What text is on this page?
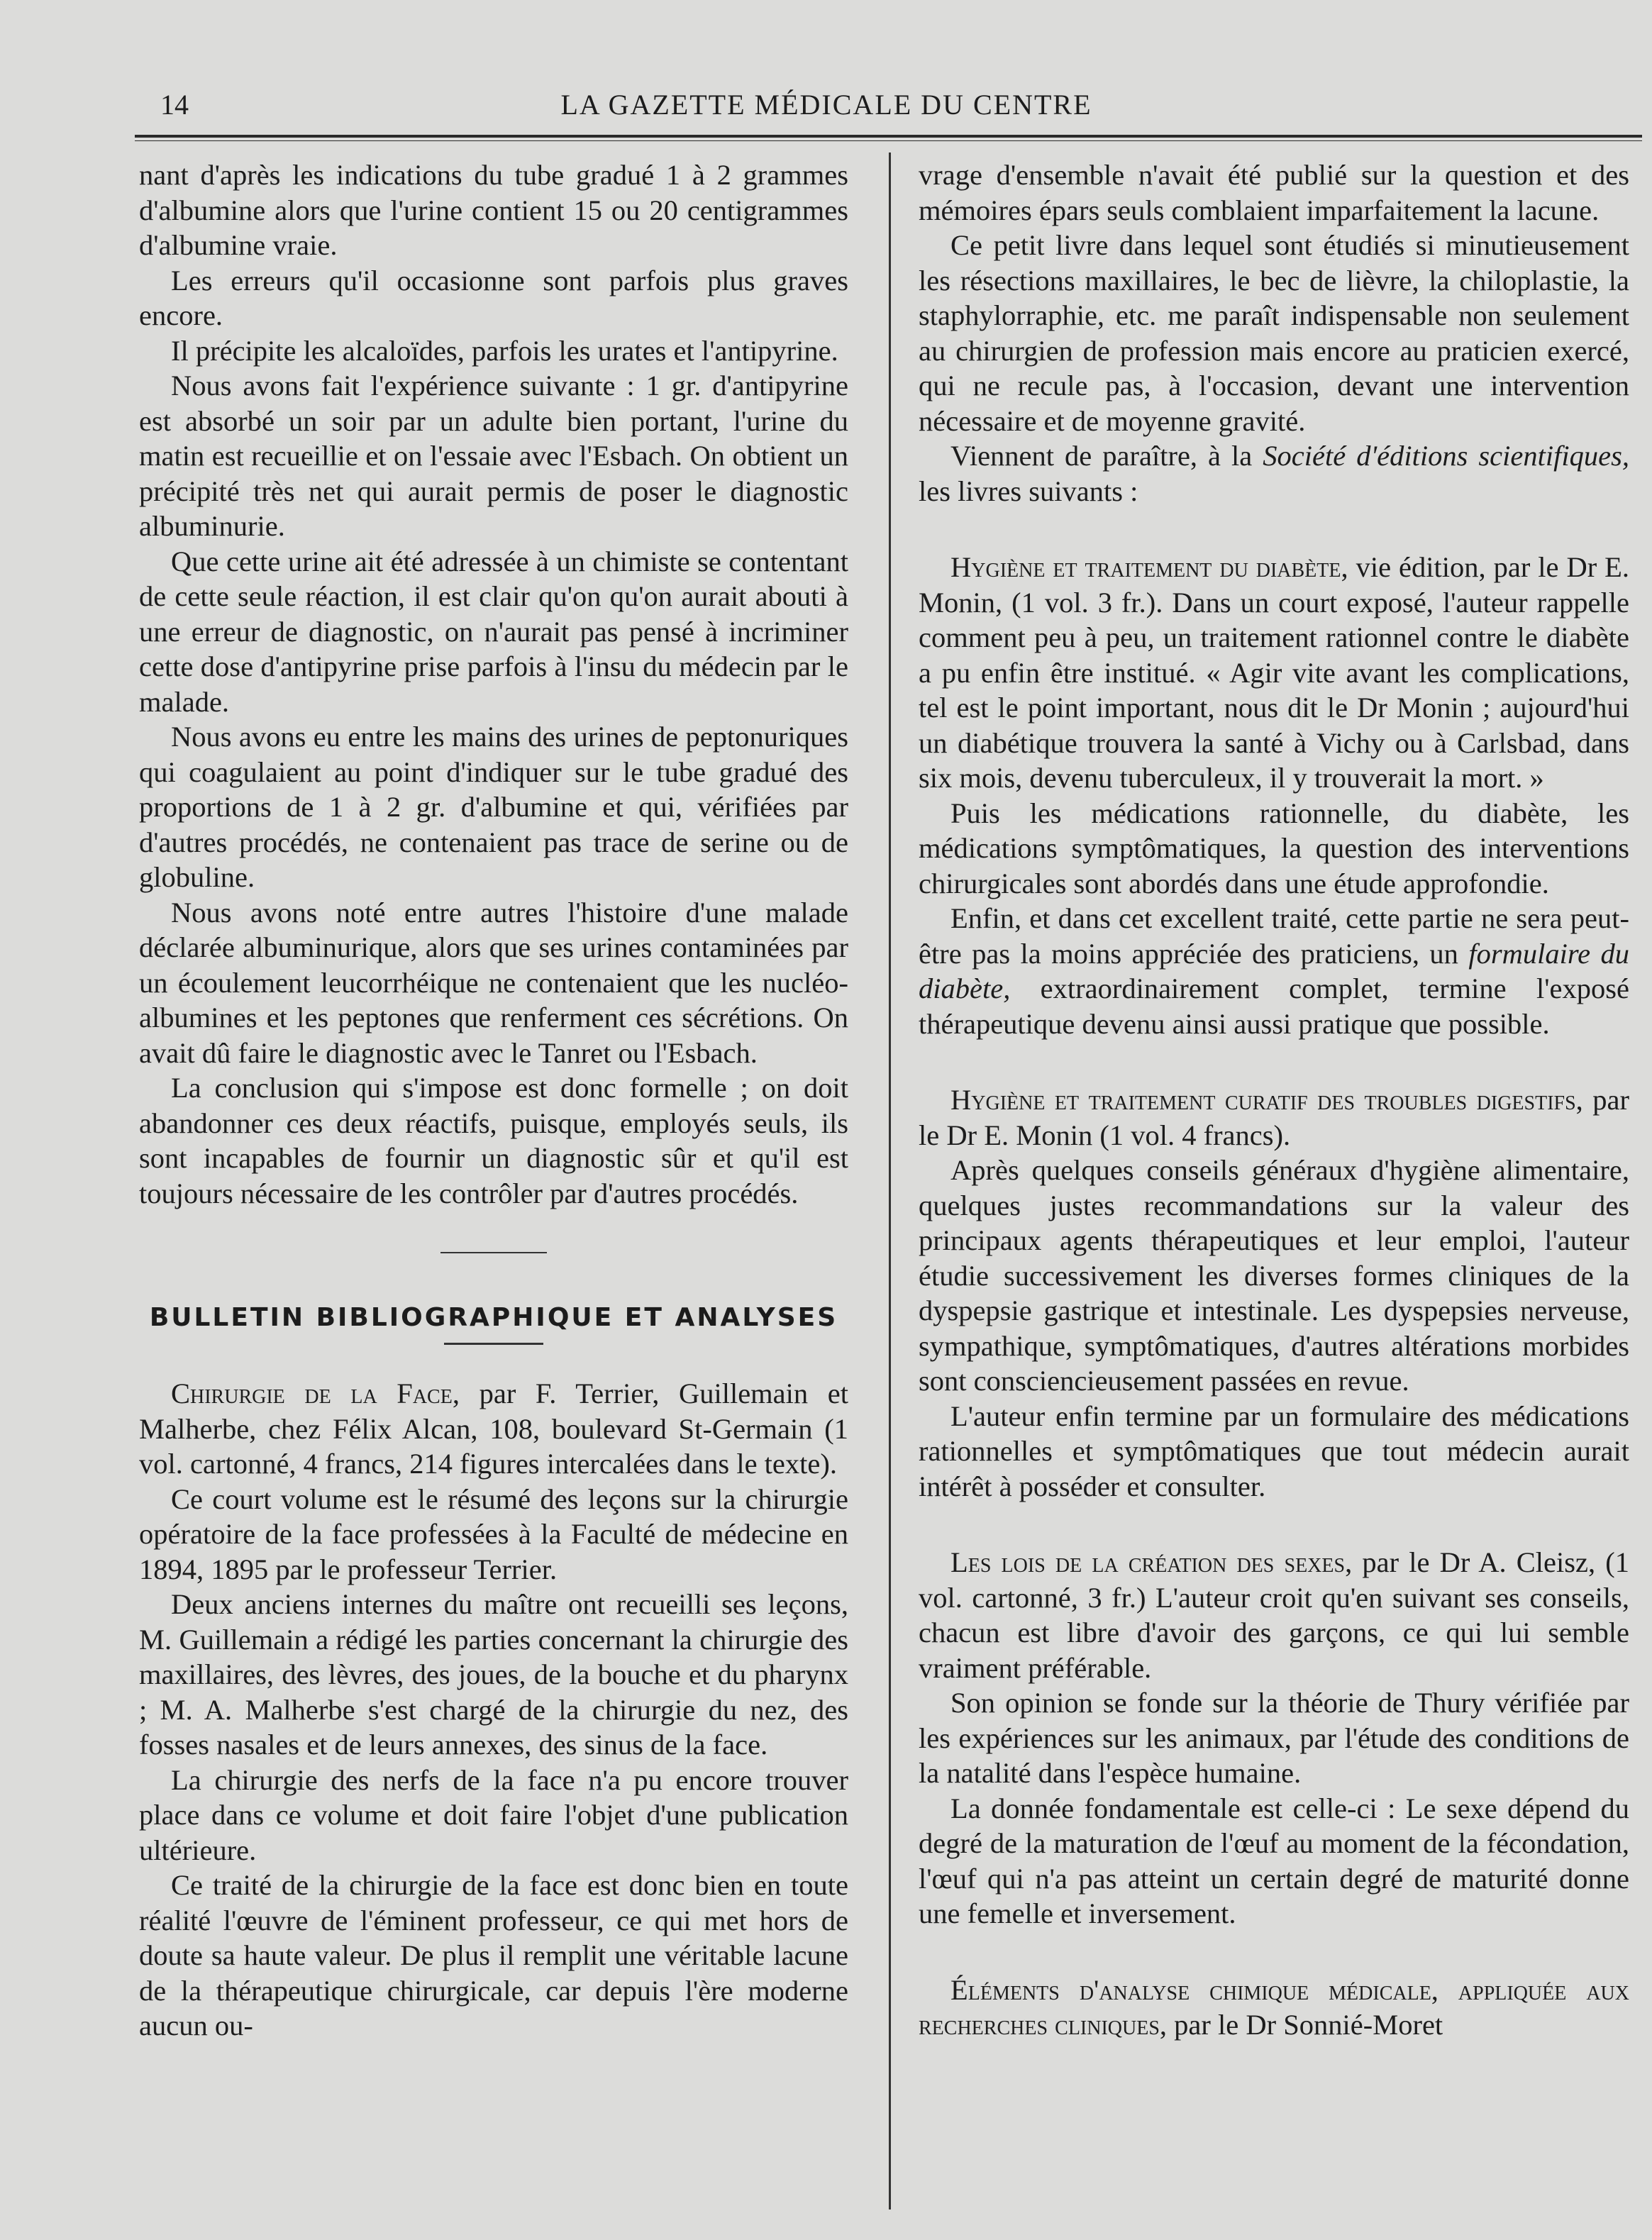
14	LA GAZETTE MÉDICALE DU CENTRE

nant d'après les indications du tube gradué 1 à 2 grammes d'albumine alors que l'urine contient 15 ou 20 centigrammes d'albumine vraie.

Les erreurs qu'il occasionne sont parfois plus graves encore.

Il précipite les alcaloïdes, parfois les urates et l'antipyrine.

Nous avons fait l'expérience suivante : 1 gr. d'antipyrine est absorbé un soir par un adulte bien portant, l'urine du matin est recueillie et on l'essaie avec l'Esbach. On obtient un précipité très net qui aurait permis de poser le diagnostic albuminurie.

Que cette urine ait été adressée à un chimiste se contentant de cette seule réaction, il est clair qu'on qu'on aurait abouti à une erreur de diagnostic, on n'aurait pas pensé à incriminer cette dose d'antipyrine prise parfois à l'insu du médecin par le malade.

Nous avons eu entre les mains des urines de peptonuriques qui coagulaient au point d'indiquer sur le tube gradué des proportions de 1 à 2 gr. d'albumine et qui, vérifiées par d'autres procédés, ne contenaient pas trace de serine ou de globuline.

Nous avons noté entre autres l'histoire d'une malade déclarée albuminurique, alors que ses urines contaminées par un écoulement leucorrhéique ne contenaient que les nucléo-albumines et les peptones que renferment ces sécrétions. On avait dû faire le diagnostic avec le Tanret ou l'Esbach.

La conclusion qui s'impose est donc formelle ; on doit abandonner ces deux réactifs, puisque, employés seuls, ils sont incapables de fournir un diagnostic sûr et qu'il est toujours nécessaire de les contrôler par d'autres procédés.

BULLETIN BIBLIOGRAPHIQUE ET ANALYSES

Chirurgie de la Face, par F. Terrier, Guillemain et Malherbe, chez Félix Alcan, 108, boulevard St-Germain (1 vol. cartonné, 4 francs, 214 figures intercalées dans le texte).

Ce court volume est le résumé des leçons sur la chirurgie opératoire de la face professées à la Faculté de médecine en 1894, 1895 par le professeur Terrier.

Deux anciens internes du maître ont recueilli ses leçons, M. Guillemain a rédigé les parties concernant la chirurgie des maxillaires, des lèvres, des joues, de la bouche et du pharynx ; M. A. Malherbe s'est chargé de la chirurgie du nez, des fosses nasales et de leurs annexes, des sinus de la face.

La chirurgie des nerfs de la face n'a pu encore trouver place dans ce volume et doit faire l'objet d'une publication ultérieure.

Ce traité de la chirurgie de la face est donc bien en toute réalité l'œuvre de l'éminent professeur, ce qui met hors de doute sa haute valeur. De plus il remplit une véritable lacune de la thérapeutique chirurgicale, car depuis l'ère moderne aucun ou-

vrage d'ensemble n'avait été publié sur la question et des mémoires épars seuls comblaient imparfaitement la lacune.

Ce petit livre dans lequel sont étudiés si minutieusement les résections maxillaires, le bec de lièvre, la chiloplastie, la staphylorraphie, etc. me paraît indispensable non seulement au chirurgien de profession mais encore au praticien exercé, qui ne recule pas, à l'occasion, devant une intervention nécessaire et de moyenne gravité.

Viennent de paraître, à la Société d'éditions scientifiques, les livres suivants :

Hygiène et traitement du diabète, vie édition, par le Dr E. Monin, (1 vol. 3 fr.). Dans un court exposé, l'auteur rappelle comment peu à peu, un traitement rationnel contre le diabète a pu enfin être institué. « Agir vite avant les complications, tel est le point important, nous dit le Dr Monin ; aujourd'hui un diabétique trouvera la santé à Vichy ou à Carlsbad, dans six mois, devenu tuberculeux, il y trouverait la mort. »

Puis les médications rationnelle, du diabète, les médications symptômatiques, la question des interventions chirurgicales sont abordés dans une étude approfondie.

Enfin, et dans cet excellent traité, cette partie ne sera peut-être pas la moins appréciée des praticiens, un formulaire du diabète, extraordinairement complet, termine l'exposé thérapeutique devenu ainsi aussi pratique que possible.

Hygiène et traitement curatif des troubles digestifs, par le Dr E. Monin (1 vol. 4 francs).

Après quelques conseils généraux d'hygiène alimentaire, quelques justes recommandations sur la valeur des principaux agents thérapeutiques et leur emploi, l'auteur étudie successivement les diverses formes cliniques de la dyspepsie gastrique et intestinale. Les dyspepsies nerveuse, sympathique, symptômatiques, d'autres altérations morbides sont consciencieusement passées en revue.

L'auteur enfin termine par un formulaire des médications rationnelles et symptômatiques que tout médecin aurait intérêt à posséder et consulter.

Les lois de la création des sexes, par le Dr A. Cleisz, (1 vol. cartonné, 3 fr.) L'auteur croit qu'en suivant ses conseils, chacun est libre d'avoir des garçons, ce qui lui semble vraiment préférable.

Son opinion se fonde sur la théorie de Thury vérifiée par les expériences sur les animaux, par l'étude des conditions de la natalité dans l'espèce humaine.

La donnée fondamentale est celle-ci : Le sexe dépend du degré de la maturation de l'œuf au moment de la fécondation, l'œuf qui n'a pas atteint un certain degré de maturité donne une femelle et inversement.

Éléments d'analyse chimique médicale, appliquée aux recherches cliniques, par le Dr Sonnié-Moret
